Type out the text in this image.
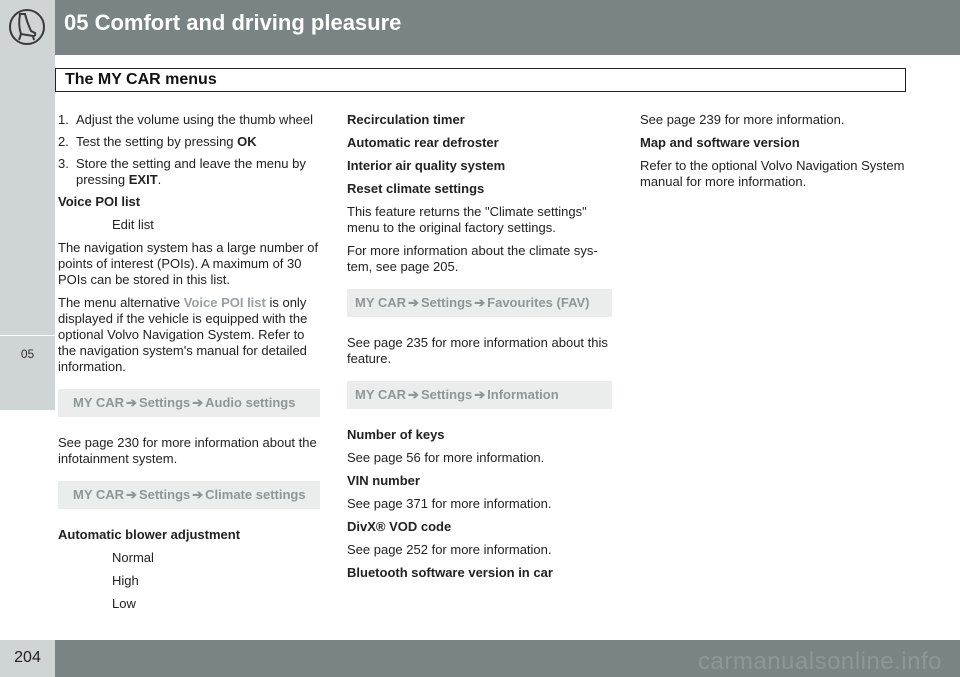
05 Comfort and driving pleasure
05
The MY CAR menus
1. Adjust the volume using the thumb wheel
2. Test the setting by pressing OK
3. Store the setting and leave the menu by pressing EXIT.

Voice POI list

Edit list

The navigation system has a large number of points of interest (POIs). A maximum of 30 POIs can be stored in this list.

The menu alternative Voice POI list is only displayed if the vehicle is equipped with the optional Volvo Navigation System. Refer to the navigation system's manual for detailed information.

MY CAR ➔ Settings ➔ Audio settings

See page 230 for more information about the infotainment system.

MY CAR ➔ Settings ➔ Climate settings

Automatic blower adjustment

Normal

High

Low

Recirculation timer

Automatic rear defroster

Interior air quality system

Reset climate settings

This feature returns the "Climate settings" menu to the original factory settings.

For more information about the climate sys-tem, see page 205.

MY CAR ➔ Settings ➔ Favourites (FAV)

See page 235 for more information about this feature.

MY CAR ➔ Settings ➔ Information

Number of keys

See page 56 for more information.

VIN number

See page 371 for more information.

DivX® VOD code

See page 252 for more information.

Bluetooth software version in car

See page 239 for more information.

Map and software version

Refer to the optional Volvo Navigation System manual for more information.

204	carmanualsonline.info
